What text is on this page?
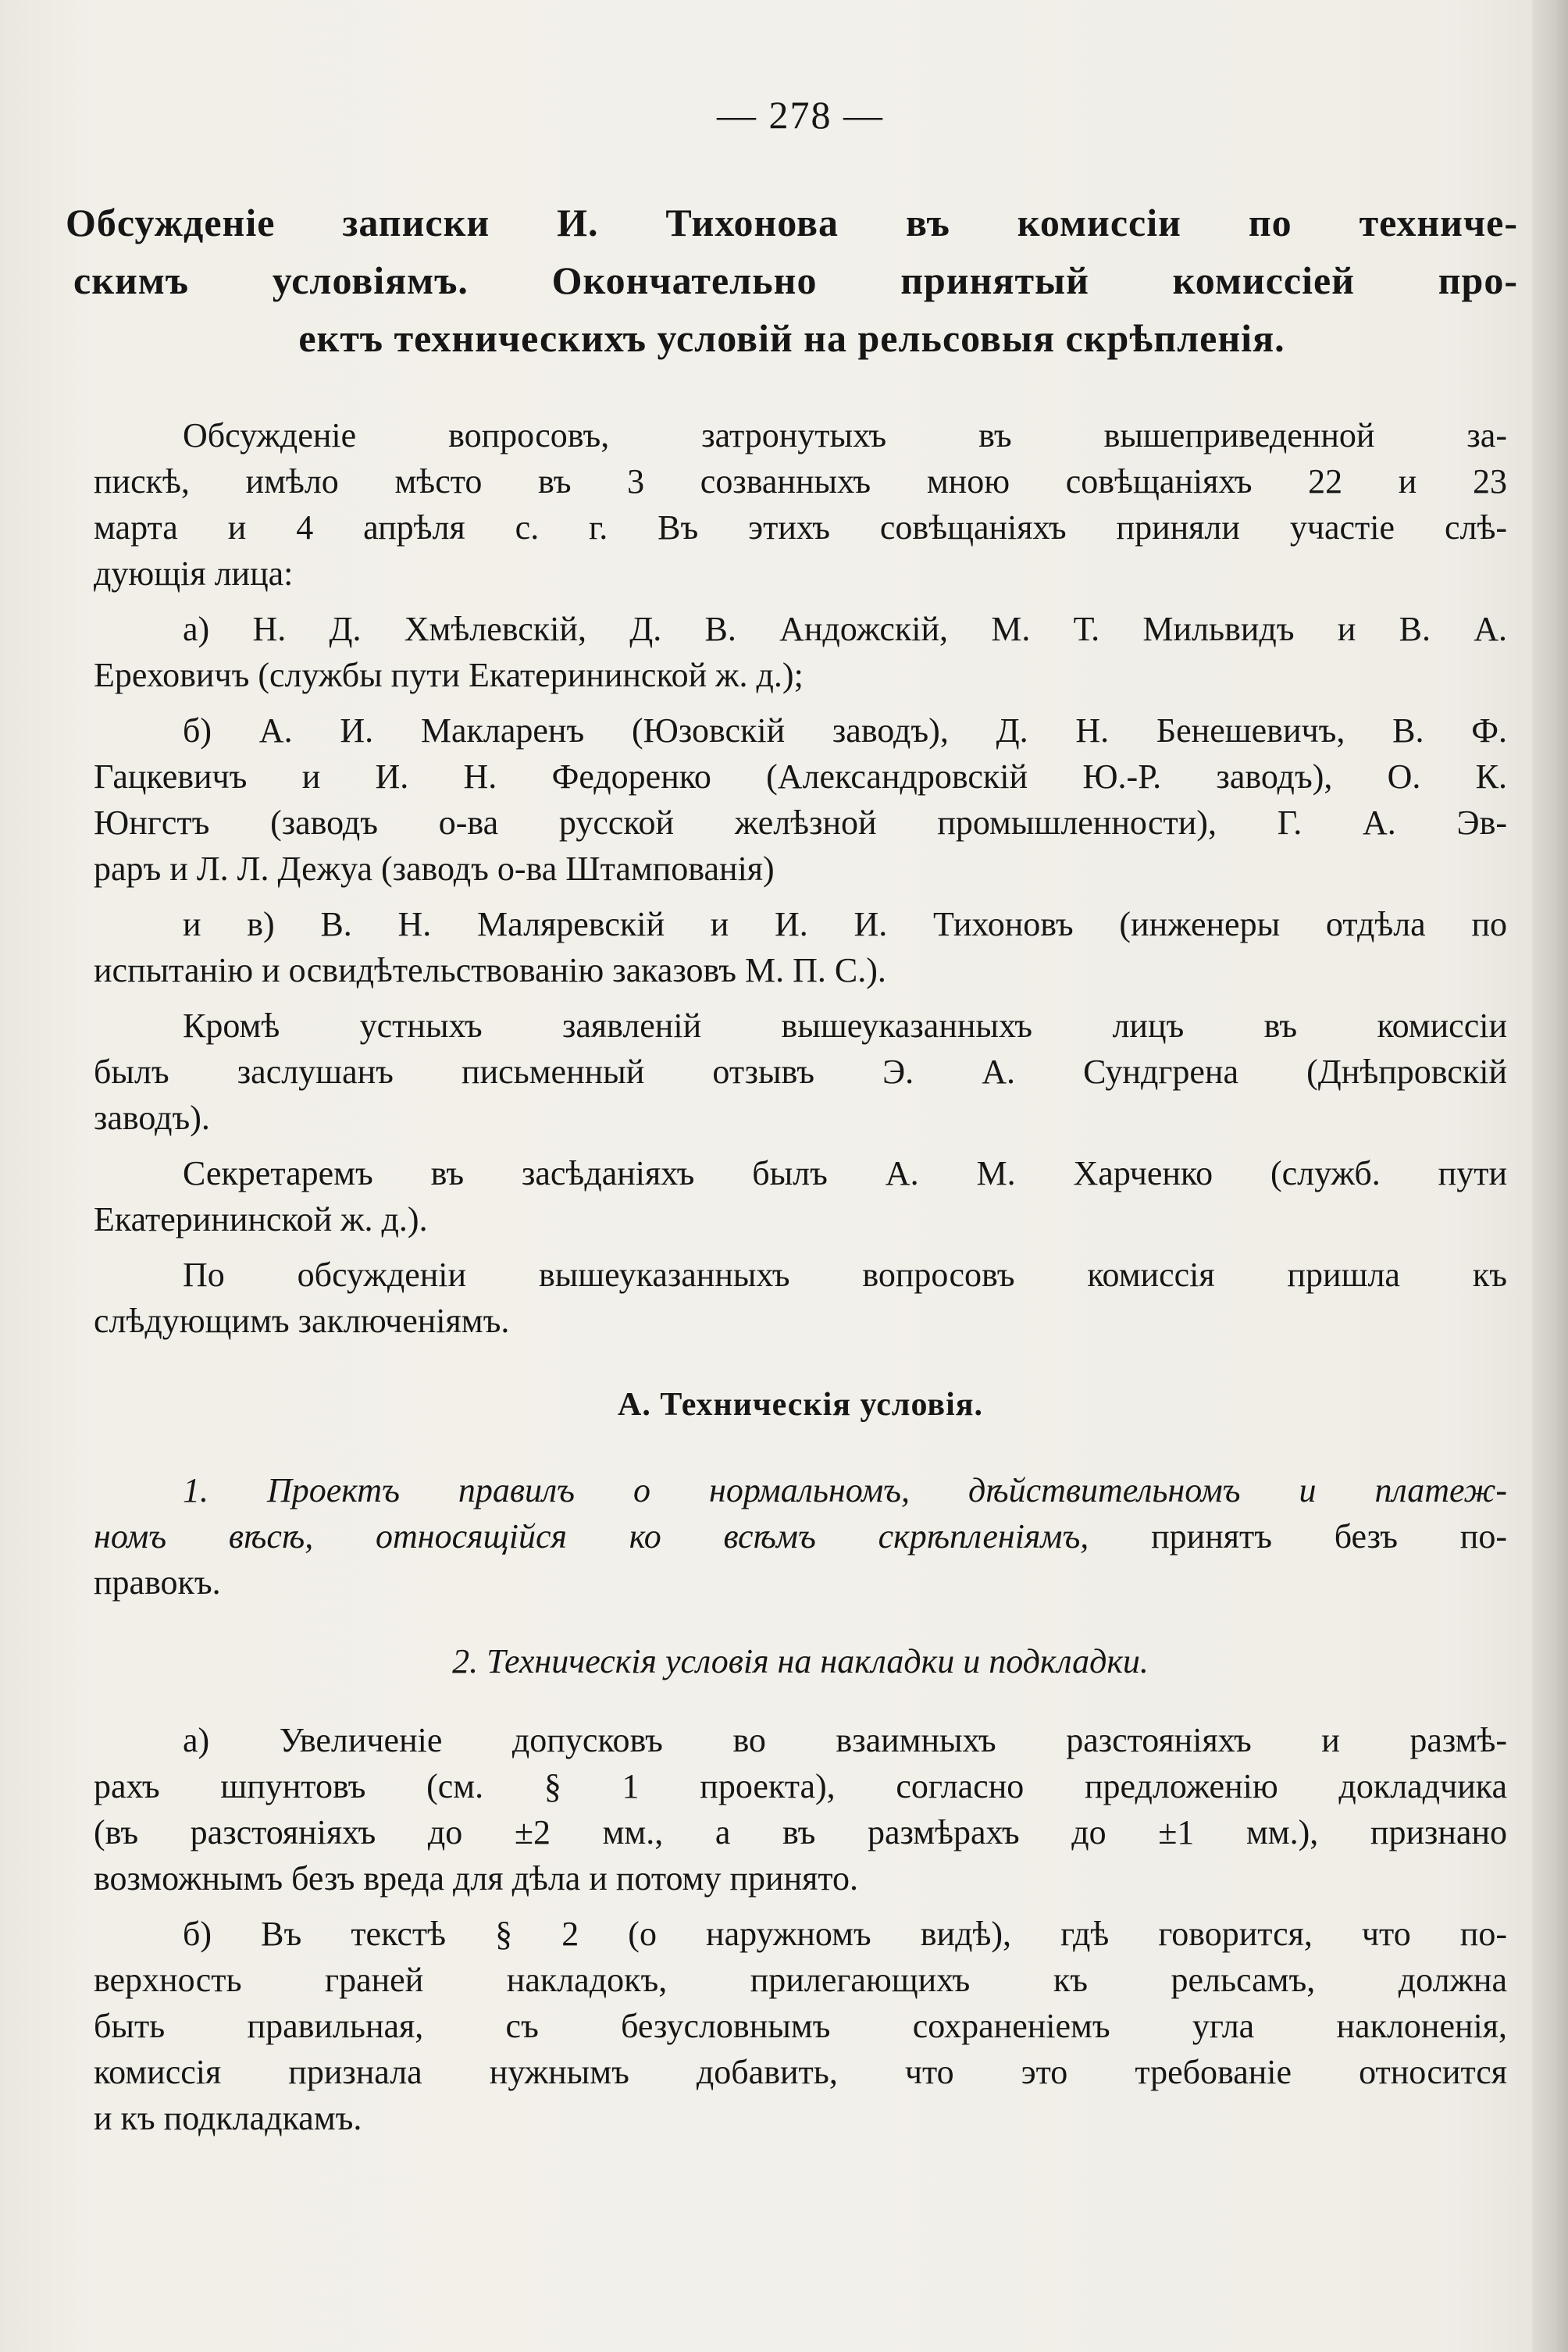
— 278 —
Обсужденіе записки И. Тихонова въ комиссіи по техниче-
скимъ условіямъ. Окончательно принятый комиссіей про-
ектъ техническихъ условій на рельсовыя скрѣпленія.

Обсужденіе вопросовъ, затронутыхъ въ вышеприведенной за-
пискѣ, имѣло мѣсто въ 3 созванныхъ мною совѣщаніяхъ 22 и 23
марта и 4 апрѣля с. г. Въ этихъ совѣщаніяхъ приняли участіе слѣ-
дующія лица:

а) Н. Д. Хмѣлевскій, Д. В. Андожскій, М. Т. Мильвидъ и В. А.
Ереховичъ (службы пути Екатерининской ж. д.);

б) А. И. Макларенъ (Юзовскій заводъ), Д. Н. Бенешевичъ, В. Ф.
Гацкевичъ и И. Н. Федоренко (Александровскій Ю.-Р. заводъ), О. К.
Юнгстъ (заводъ о-ва русской желѣзной промышленности), Г. А. Эв-
раръ и Л. Л. Дежуа (заводъ о-ва Штампованія)

и в) В. Н. Маляревскій и И. И. Тихоновъ (инженеры отдѣла по
испытанію и освидѣтельствованію заказовъ М. П. С.).

Кромѣ устныхъ заявленій вышеуказанныхъ лицъ въ комиссіи
былъ заслушанъ письменный отзывъ Э. А. Сундгрена (Днѣпровскій
заводъ).

Секретаремъ въ засѣданіяхъ былъ А. М. Харченко (служб. пути
Екатерининской ж. д.).

По обсужденіи вышеуказанныхъ вопросовъ комиссія пришла къ
слѣдующимъ заключеніямъ.

А. Техническія условія.

1. Проектъ правилъ о нормальномъ, дѣйствительномъ и платеж-
номъ вѣсѣ, относящійся ко всѣмъ скрѣпленіямъ, принятъ безъ по-
правокъ.

2. Техническія условія на накладки и подкладки.

а) Увеличеніе допусковъ во взаимныхъ разстояніяхъ и размѣ-
рахъ шпунтовъ (см. § 1 проекта), согласно предложенію докладчика
(въ разстояніяхъ до ±2 мм., а въ размѣрахъ до ±1 мм.), признано
возможнымъ безъ вреда для дѣла и потому принято.

б) Въ текстѣ § 2 (о наружномъ видѣ), гдѣ говорится, что по-
верхность граней накладокъ, прилегающихъ къ рельсамъ, должна
быть правильная, съ безусловнымъ сохраненіемъ угла наклоненія,
комиссія признала нужнымъ добавить, что это требованіе относится
и къ подкладкамъ.
